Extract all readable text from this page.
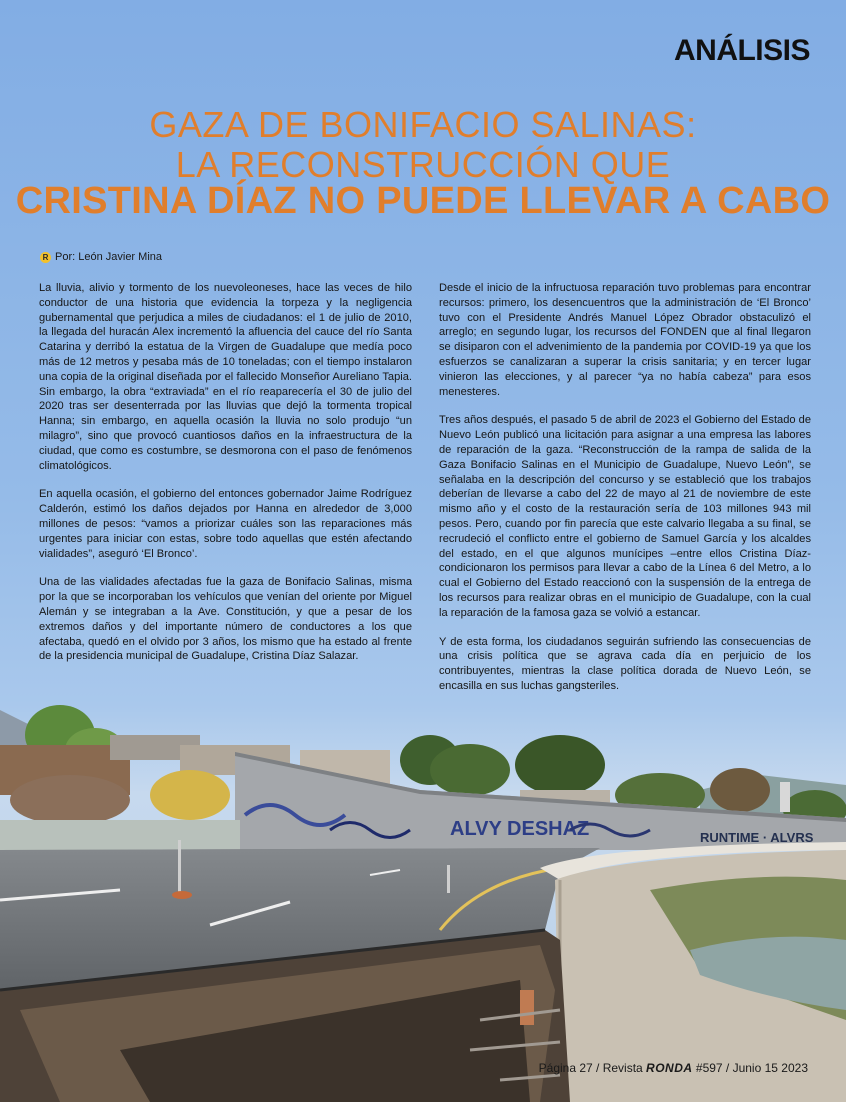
ALVY DESHAZ	RUNTIME · ALVRS
ANÁLISIS
GAZA DE BONIFACIO SALINAS:
LA RECONSTRUCCIÓN QUE
CRISTINA DÍAZ NO PUEDE LLEVAR A CABO
R Por: León Javier Mina

La lluvia, alivio y tormento de los nuevoleoneses, hace las veces de hilo conductor de una historia que evidencia la torpeza y la negligencia gubernamental que perjudica a miles de ciudadanos: el 1 de julio de 2010, la llegada del huracán Alex incrementó la afluencia del cauce del río Santa Catarina y derribó la estatua de la Virgen de Guadalupe que medía poco más de 12 metros y pesaba más de 10 toneladas; con el tiempo instalaron una copia de la original diseñada por el fallecido Monseñor Aureliano Tapia. Sin embargo, la obra “extraviada” en el río reaparecería el 30 de julio del 2020 tras ser desenterrada por las lluvias que dejó la tormenta tropical Hanna; sin embargo, en aquella ocasión la lluvia no solo produjo “un milagro”, sino que provocó cuantiosos daños en la infraestructura de la ciudad, que como es costumbre, se desmorona con el paso de fenómenos climatológicos.

En aquella ocasión, el gobierno del entonces gobernador Jaime Rodríguez Calderón, estimó los daños dejados por Hanna en alrededor de 3,000 millones de pesos: “vamos a priorizar cuáles son las reparaciones más urgentes para iniciar con estas, sobre todo aquellas que estén afectando vialidades”, aseguró ‘El Bronco’.

Una de las vialidades afectadas fue la gaza de Bonifacio Salinas, misma por la que se incorporaban los vehículos que venían del oriente por Miguel Alemán y se integraban a la Ave. Constitución, y que a pesar de los extremos daños y del importante número de conductores a los que afectaba, quedó en el olvido por 3 años, los mismo que ha estado al frente de la presidencia municipal de Guadalupe, Cristina Díaz Salazar.

Desde el inicio de la infructuosa reparación tuvo problemas para encontrar recursos: primero, los desencuentros que la administración de ‘El Bronco’ tuvo con el Presidente Andrés Manuel López Obrador obstaculizó el arreglo; en segundo lugar, los recursos del FONDEN que al final llegaron se disiparon con el advenimiento de la pandemia por COVID-19 ya que los esfuerzos se canalizaran a superar la crisis sanitaria; y en tercer lugar vinieron las elecciones, y al parecer “ya no había cabeza” para esos menesteres.

Tres años después, el pasado 5 de abril de 2023 el Gobierno del Estado de Nuevo León publicó una licitación para asignar a una empresa las labores de reparación de la gaza. “Reconstrucción de la rampa de salida de la Gaza Bonifacio Salinas en el Municipio de Guadalupe, Nuevo León”, se señalaba en la descripción del concurso y se estableció que los trabajos deberían de llevarse a cabo del 22 de mayo al 21 de noviembre de este mismo año y el costo de la restauración sería de 103 millones 943 mil pesos. Pero, cuando por fin parecía que este calvario llegaba a su final, se recrudeció el conflicto entre el gobierno de Samuel García y los alcaldes del estado, en el que algunos munícipes –entre ellos Cristina Díaz- condicionaron los permisos para llevar a cabo de la Línea 6 del Metro, a lo cual el Gobierno del Estado reaccionó con la suspensión de la entrega de los recursos para realizar obras en el municipio de Guadalupe, con la cual la reparación de la famosa gaza se volvió a estancar.

Y de esta forma, los ciudadanos seguirán sufriendo las consecuencias de una crisis política que se agrava cada día en perjuicio de los contribuyentes, mientras la clase política dorada de Nuevo León, se encasilla en sus luchas gangsteriles.

Página 27 / Revista RONDA #597 / Junio 15 2023
